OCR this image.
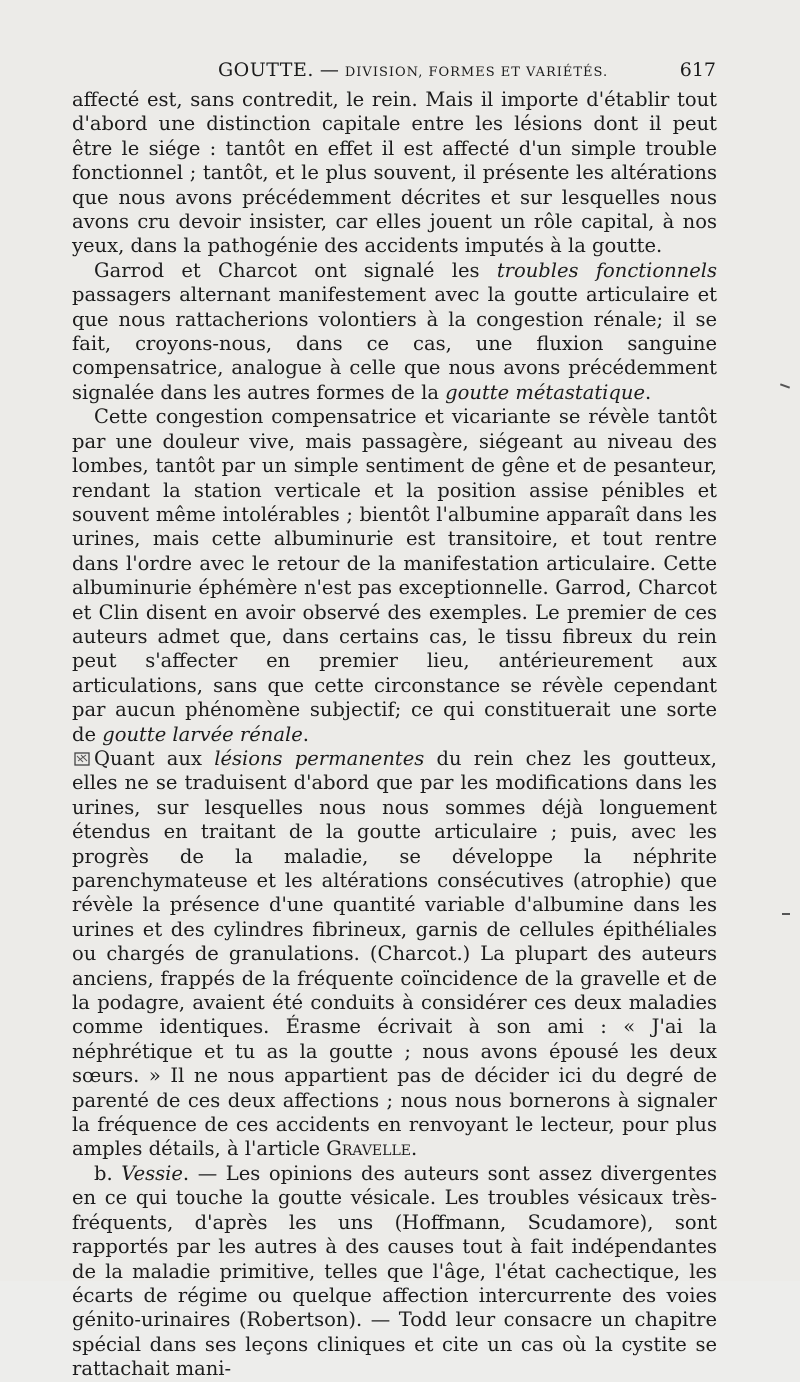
GOUTTE. — DIVISION, FORMES ET VARIÉTÉS.	617

affecté est, sans contredit, le rein. Mais il importe d'établir tout d'abord une distinction capitale entre les lésions dont il peut être le siége : tantôt en effet il est affecté d'un simple trouble fonctionnel ; tantôt, et le plus souvent, il présente les altérations que nous avons précédemment décrites et sur lesquelles nous avons cru devoir insister, car elles jouent un rôle capital, à nos yeux, dans la pathogénie des accidents imputés à la goutte.

Garrod et Charcot ont signalé les troubles fonctionnels passagers alternant manifestement avec la goutte articulaire et que nous rattacherions volontiers à la congestion rénale; il se fait, croyons-nous, dans ce cas, une fluxion sanguine compensatrice, analogue à celle que nous avons précédemment signalée dans les autres formes de la goutte métastatique.

Cette congestion compensatrice et vicariante se révèle tantôt par une douleur vive, mais passagère, siégeant au niveau des lombes, tantôt par un simple sentiment de gêne et de pesanteur, rendant la station verticale et la position assise pénibles et souvent même intolérables ; bientôt l'albumine apparaît dans les urines, mais cette albuminurie est transitoire, et tout rentre dans l'ordre avec le retour de la manifestation articulaire. Cette albuminurie éphémère n'est pas exceptionnelle. Garrod, Charcot et Clin disent en avoir observé des exemples. Le premier de ces auteurs admet que, dans certains cas, le tissu fibreux du rein peut s'affecter en premier lieu, antérieurement aux articulations, sans que cette circonstance se révèle cependant par aucun phénomène subjectif; ce qui constituerait une sorte de goutte larvée rénale.

Quant aux lésions permanentes du rein chez les goutteux, elles ne se traduisent d'abord que par les modifications dans les urines, sur lesquelles nous nous sommes déjà longuement étendus en traitant de la goutte articulaire ; puis, avec les progrès de la maladie, se développe la néphrite parenchymateuse et les altérations consécutives (atrophie) que révèle la présence d'une quantité variable d'albumine dans les urines et des cylindres fibrineux, garnis de cellules épithéliales ou chargés de granulations. (Charcot.) La plupart des auteurs anciens, frappés de la fréquente coïncidence de la gravelle et de la podagre, avaient été conduits à considérer ces deux maladies comme identiques. Érasme écrivait à son ami : « J'ai la néphrétique et tu as la goutte ; nous avons épousé les deux sœurs. » Il ne nous appartient pas de décider ici du degré de parenté de ces deux affections ; nous nous bornerons à signaler la fréquence de ces accidents en renvoyant le lecteur, pour plus amples détails, à l'article Gravelle.

b. Vessie. — Les opinions des auteurs sont assez divergentes en ce qui touche la goutte vésicale. Les troubles vésicaux très-fréquents, d'après les uns (Hoffmann, Scudamore), sont rapportés par les autres à des causes tout à fait indépendantes de la maladie primitive, telles que l'âge, l'état cachectique, les écarts de régime ou quelque affection intercurrente des voies génito-urinaires (Robertson). — Todd leur consacre un chapitre spécial dans ses leçons cliniques et cite un cas où la cystite se rattachait mani-
